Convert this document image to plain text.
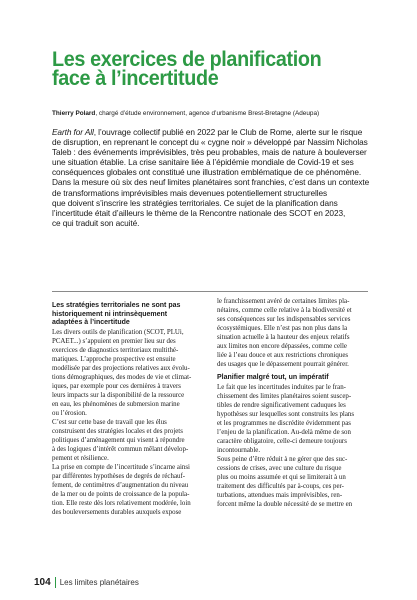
Les exercices de planification
face à l’incertitude
Thierry Polard, chargé d’étude environnement, agence d’urbanisme Brest-Bretagne (Adeupa)
Earth for All, l’ouvrage collectif publié en 2022 par le Club de Rome, alerte sur le risque
de disruption, en reprenant le concept du « cygne noir » développé par Nassim Nicholas
Taleb : des événements imprévisibles, très peu probables, mais de nature à bouleverser
une situation établie. La crise sanitaire liée à l’épidémie mondiale de Covid-19 et ses
conséquences globales ont constitué une illustration emblématique de ce phénomène.
Dans la mesure où six des neuf limites planétaires sont franchies, c’est dans un contexte
de transformations imprévisibles mais devenues potentiellement structurelles
que doivent s’inscrire les stratégies territoriales. Ce sujet de la planification dans
l’incertitude était d’ailleurs le thème de la Rencontre nationale des SCOT en 2023,
ce qui traduit son acuité.
Les stratégies territoriales ne sont pas
historiquement ni intrinsèquement
adaptées à l’incertitude
Les divers outils de planification (SCOT, PLUi,
PCAET...) s’appuient en premier lieu sur des
exercices de diagnostics territoriaux multithé-
matiques. L’approche prospective est ensuite
modélisée par des projections relatives aux évolu-
tions démographiques, des modes de vie et climat-
iques, par exemple pour ces dernières à travers
leurs impacts sur la disponibilité de la ressource
en eau, les phénomènes de submersion marine
ou l’érosion.
C’est sur cette base de travail que les élus
construisent des stratégies locales et des projets
politiques d’aménagement qui visent à répondre
à des logiques d’intérêt commun mêlant dévelop-
pement et résilience.
La prise en compte de l’incertitude s’incarne ainsi
par différentes hypothèses de degrés de réchauf-
fement, de centimètres d’augmentation du niveau
de la mer ou de points de croissance de la popula-
tion. Elle reste dès lors relativement modérée, loin
des bouleversements durables auxquels expose
le franchissement avéré de certaines limites pla-
nétaires, comme celle relative à la biodiversité et
ses conséquences sur les indispensables services
écosystémiques. Elle n’est pas non plus dans la
situation actuelle à la hauteur des enjeux relatifs
aux limites non encore dépassées, comme celle
liée à l’eau douce et aux restrictions chroniques
des usages que le dépassement pourrait générer.
Planifier malgré tout, un impératif
Le fait que les incertitudes induites par le fran-
chissement des limites planétaires soient suscep-
tibles de rendre significativement caduques les
hypothèses sur lesquelles sont construits les plans
et les programmes ne discrédite évidemment pas
l’enjeu de la planification. Au-delà même de son
caractère obligatoire, celle-ci demeure toujours
incontournable.
Sous peine d’être réduit à ne gérer que des suc-
cessions de crises, avec une culture du risque
plus ou moins assumée et qui se limiterait à un
traitement des difficultés par à-coups, ces per-
turbations, attendues mais imprévisibles, ren-
forcent même la double nécessité de se mettre en
104 Les limites planétaires
